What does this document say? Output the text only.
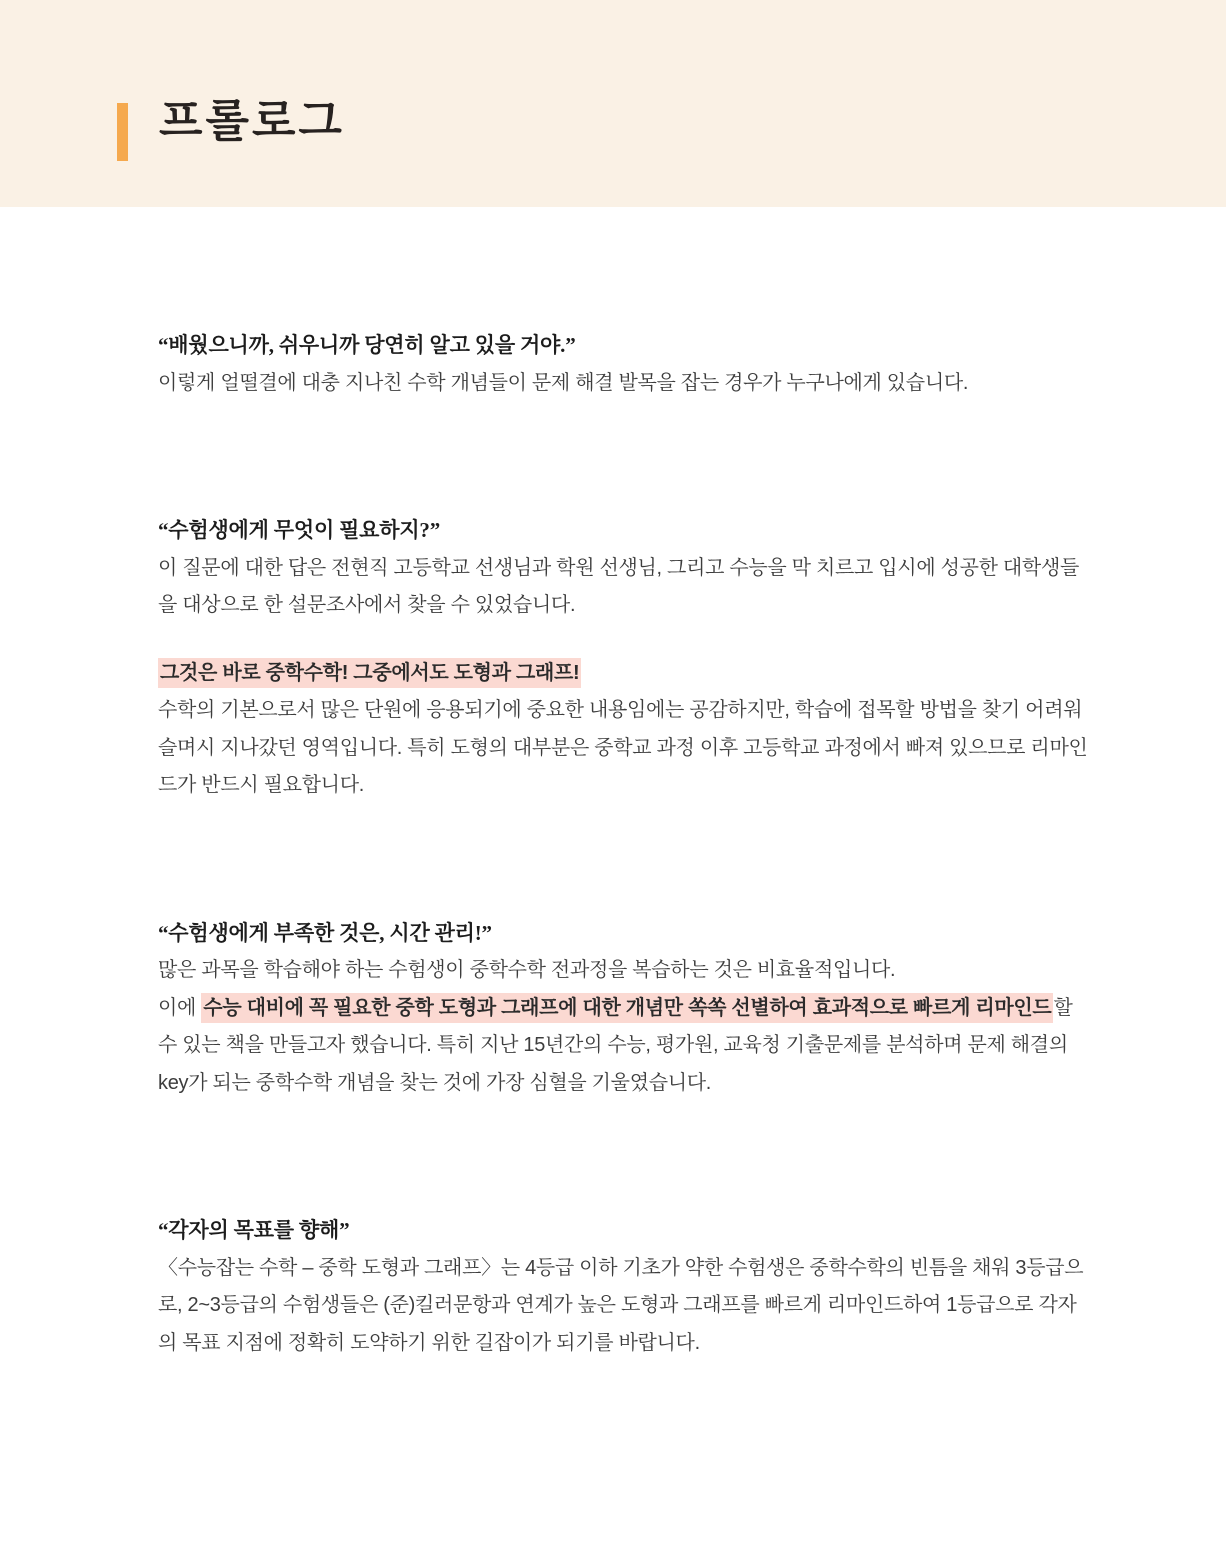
프롤로그

“배웠으니까, 쉬우니까 당연히 알고 있을 거야.”

이렇게 얼떨결에 대충 지나친 수학 개념들이 문제 해결 발목을 잡는 경우가 누구나에게 있습니다.

“수험생에게 무엇이 필요하지?”

이 질문에 대한 답은 전현직 고등학교 선생님과 학원 선생님, 그리고 수능을 막 치르고 입시에 성공한 대학생들을 대상으로 한 설문조사에서 찾을 수 있었습니다.

그것은 바로 중학수학! 그중에서도 도형과 그래프!

수학의 기본으로서 많은 단원에 응용되기에 중요한 내용임에는 공감하지만, 학습에 접목할 방법을 찾기 어려워 슬며시 지나갔던 영역입니다. 특히 도형의 대부분은 중학교 과정 이후 고등학교 과정에서 빠져 있으므로 리마인드가 반드시 필요합니다.

“수험생에게 부족한 것은, 시간 관리!”

많은 과목을 학습해야 하는 수험생이 중학수학 전과정을 복습하는 것은 비효율적입니다.
이에 수능 대비에 꼭 필요한 중학 도형과 그래프에 대한 개념만 쏙쏙 선별하여 효과적으로 빠르게 리마인드 할 수 있는 책을 만들고자 했습니다. 특히 지난 15년간의 수능, 평가원, 교육청 기출문제를 분석하며 문제 해결의 key가 되는 중학수학 개념을 찾는 것에 가장 심혈을 기울였습니다.

“각자의 목표를 향해”

〈수능잡는 수학 – 중학 도형과 그래프〉는 4등급 이하 기초가 약한 수험생은 중학수학의 빈틈을 채워 3등급으로, 2~3등급의 수험생들은 (준)킬러문항과 연계가 높은 도형과 그래프를 빠르게 리마인드하여 1등급으로 각자의 목표 지점에 정확히 도약하기 위한 길잡이가 되기를 바랍니다.
